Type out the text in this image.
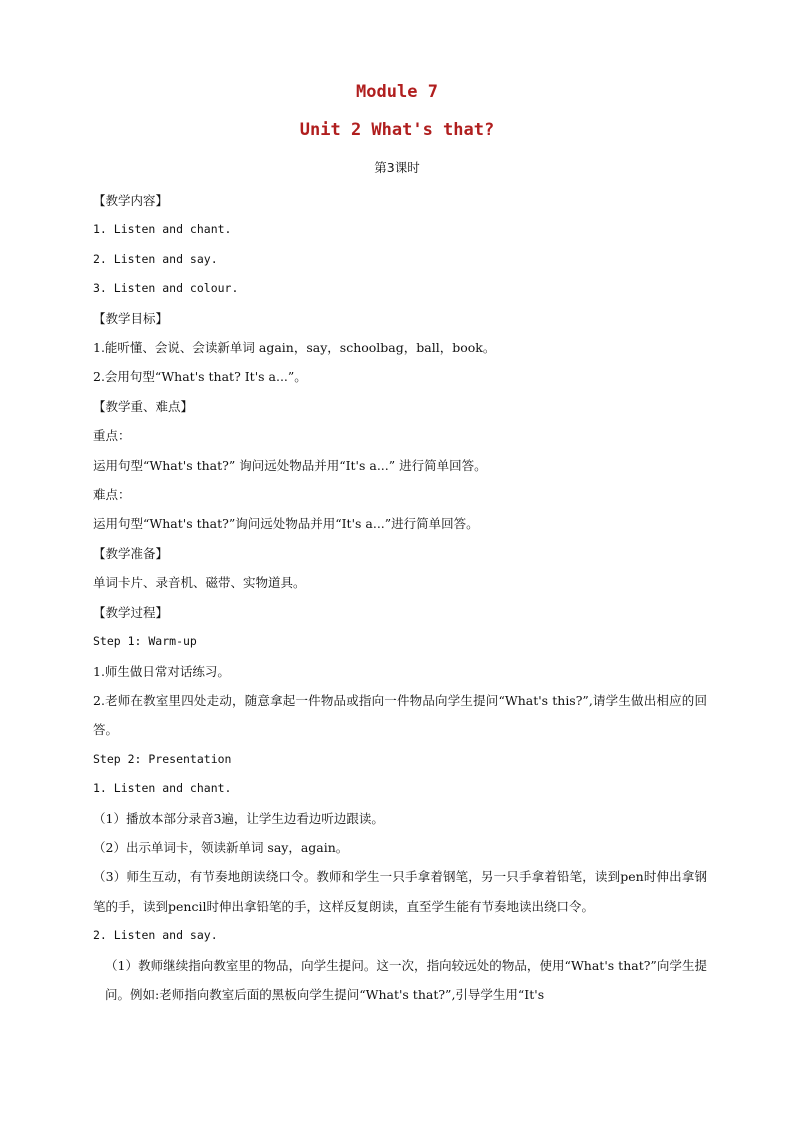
Module 7

Unit 2 What's that?

第3课时

【教学内容】

1. Listen and chant.

2. Listen and say.

3. Listen and colour.

【教学目标】

1.能听懂、会说、会读新单词 again，say，schoolbag，ball，book。

2.会用句型“What's that? It's a...”。

【教学重、难点】

重点：

运用句型“What's that?” 询问远处物品并用“It's a...” 进行简单回答。

难点：

运用句型“What's that?”询问远处物品并用“It's a...”进行简单回答。

【教学准备】

单词卡片、录音机、磁带、实物道具。

【教学过程】

Step 1: Warm-up

1.师生做日常对话练习。

2.老师在教室里四处走动，随意拿起一件物品或指向一件物品向学生提问“What's this?”,请学生做出相应的回答。

Step 2: Presentation

1. Listen and chant.

（1）播放本部分录音3遍，让学生边看边听边跟读。

（2）出示单词卡，领读新单词 say，again。

（3）师生互动，有节奏地朗读绕口令。教师和学生一只手拿着钢笔，另一只手拿着铅笔，读到pen时伸出拿钢笔的手，读到pencil时伸出拿铅笔的手，这样反复朗读，直至学生能有节奏地读出绕口令。

2. Listen and say.

（1）教师继续指向教室里的物品，向学生提问。这一次，指向较远处的物品，使用“What's that?”向学生提问。例如:老师指向教室后面的黑板向学生提问“What's that?”,引导学生用“It's
